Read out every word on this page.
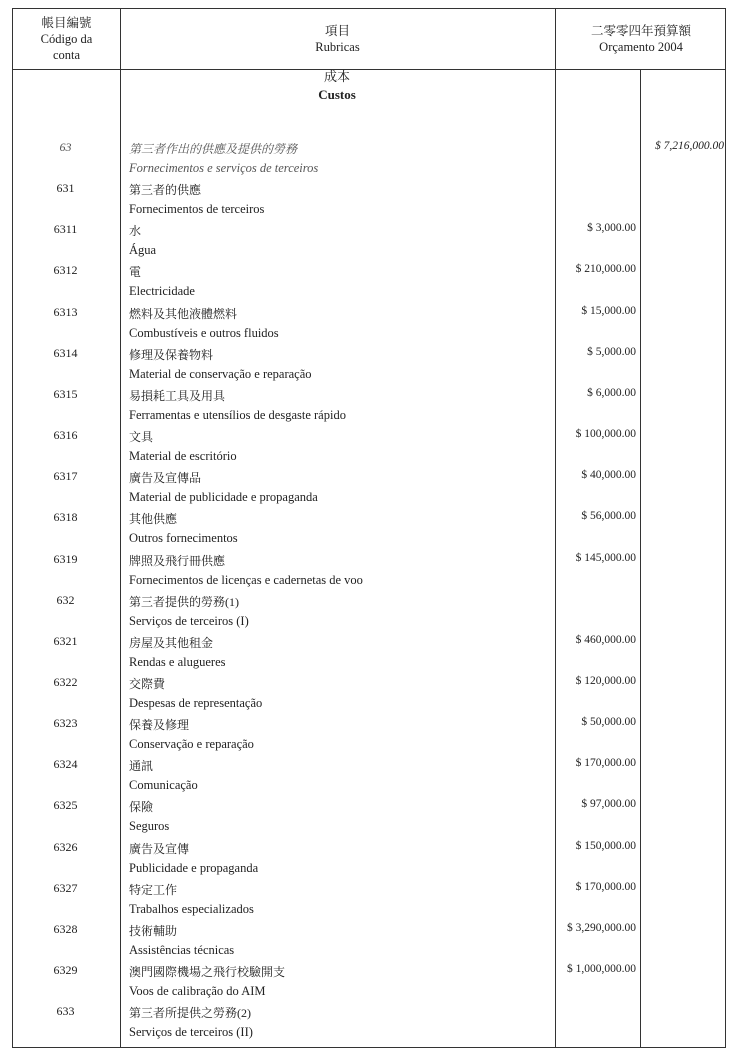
帳目編號
Código da conta
項目
Rubricas
二零零四年預算額
Orçamento 2004
成本
Custos
63	第三者作出的供應及提供的勞務
Fornecimentos e serviços de terceiros
$ 7,216,000.00
631	第三者的供應
Fornecimentos de terceiros
6311	水
Água
$ 3,000.00
6312	電
Electricidade
$ 210,000.00
6313	燃料及其他液體燃料
Combustíveis e outros fluidos
$ 15,000.00
6314	修理及保養物料
Material de conservação e reparação
$ 5,000.00
6315	易損耗工具及用具
Ferramentas e utensílios de desgaste rápido
$ 6,000.00
6316	文具
Material de escritório
$ 100,000.00
6317	廣告及宣傳品
Material de publicidade e propaganda
$ 40,000.00
6318	其他供應
Outros fornecimentos
$ 56,000.00
6319	牌照及飛行冊供應
Fornecimentos de licenças e cadernetas de voo
$ 145,000.00
632	第三者提供的勞務(1)
Serviços de terceiros (I)
6321	房屋及其他租金
Rendas e alugueres
$ 460,000.00
6322	交際費
Despesas de representação
$ 120,000.00
6323	保養及修理
Conservação e reparação
$ 50,000.00
6324	通訊
Comunicação
$ 170,000.00
6325	保險
Seguros
$ 97,000.00
6326	廣告及宣傳
Publicidade e propaganda
$ 150,000.00
6327	特定工作
Trabalhos especializados
$ 170,000.00
6328	技術輔助
Assistências técnicas
$ 3,290,000.00
6329	澳門國際機場之飛行校驗開支
Voos de calibração do AIM
$ 1,000,000.00
633	第三者所提供之勞務(2)
Serviços de terceiros (II)
